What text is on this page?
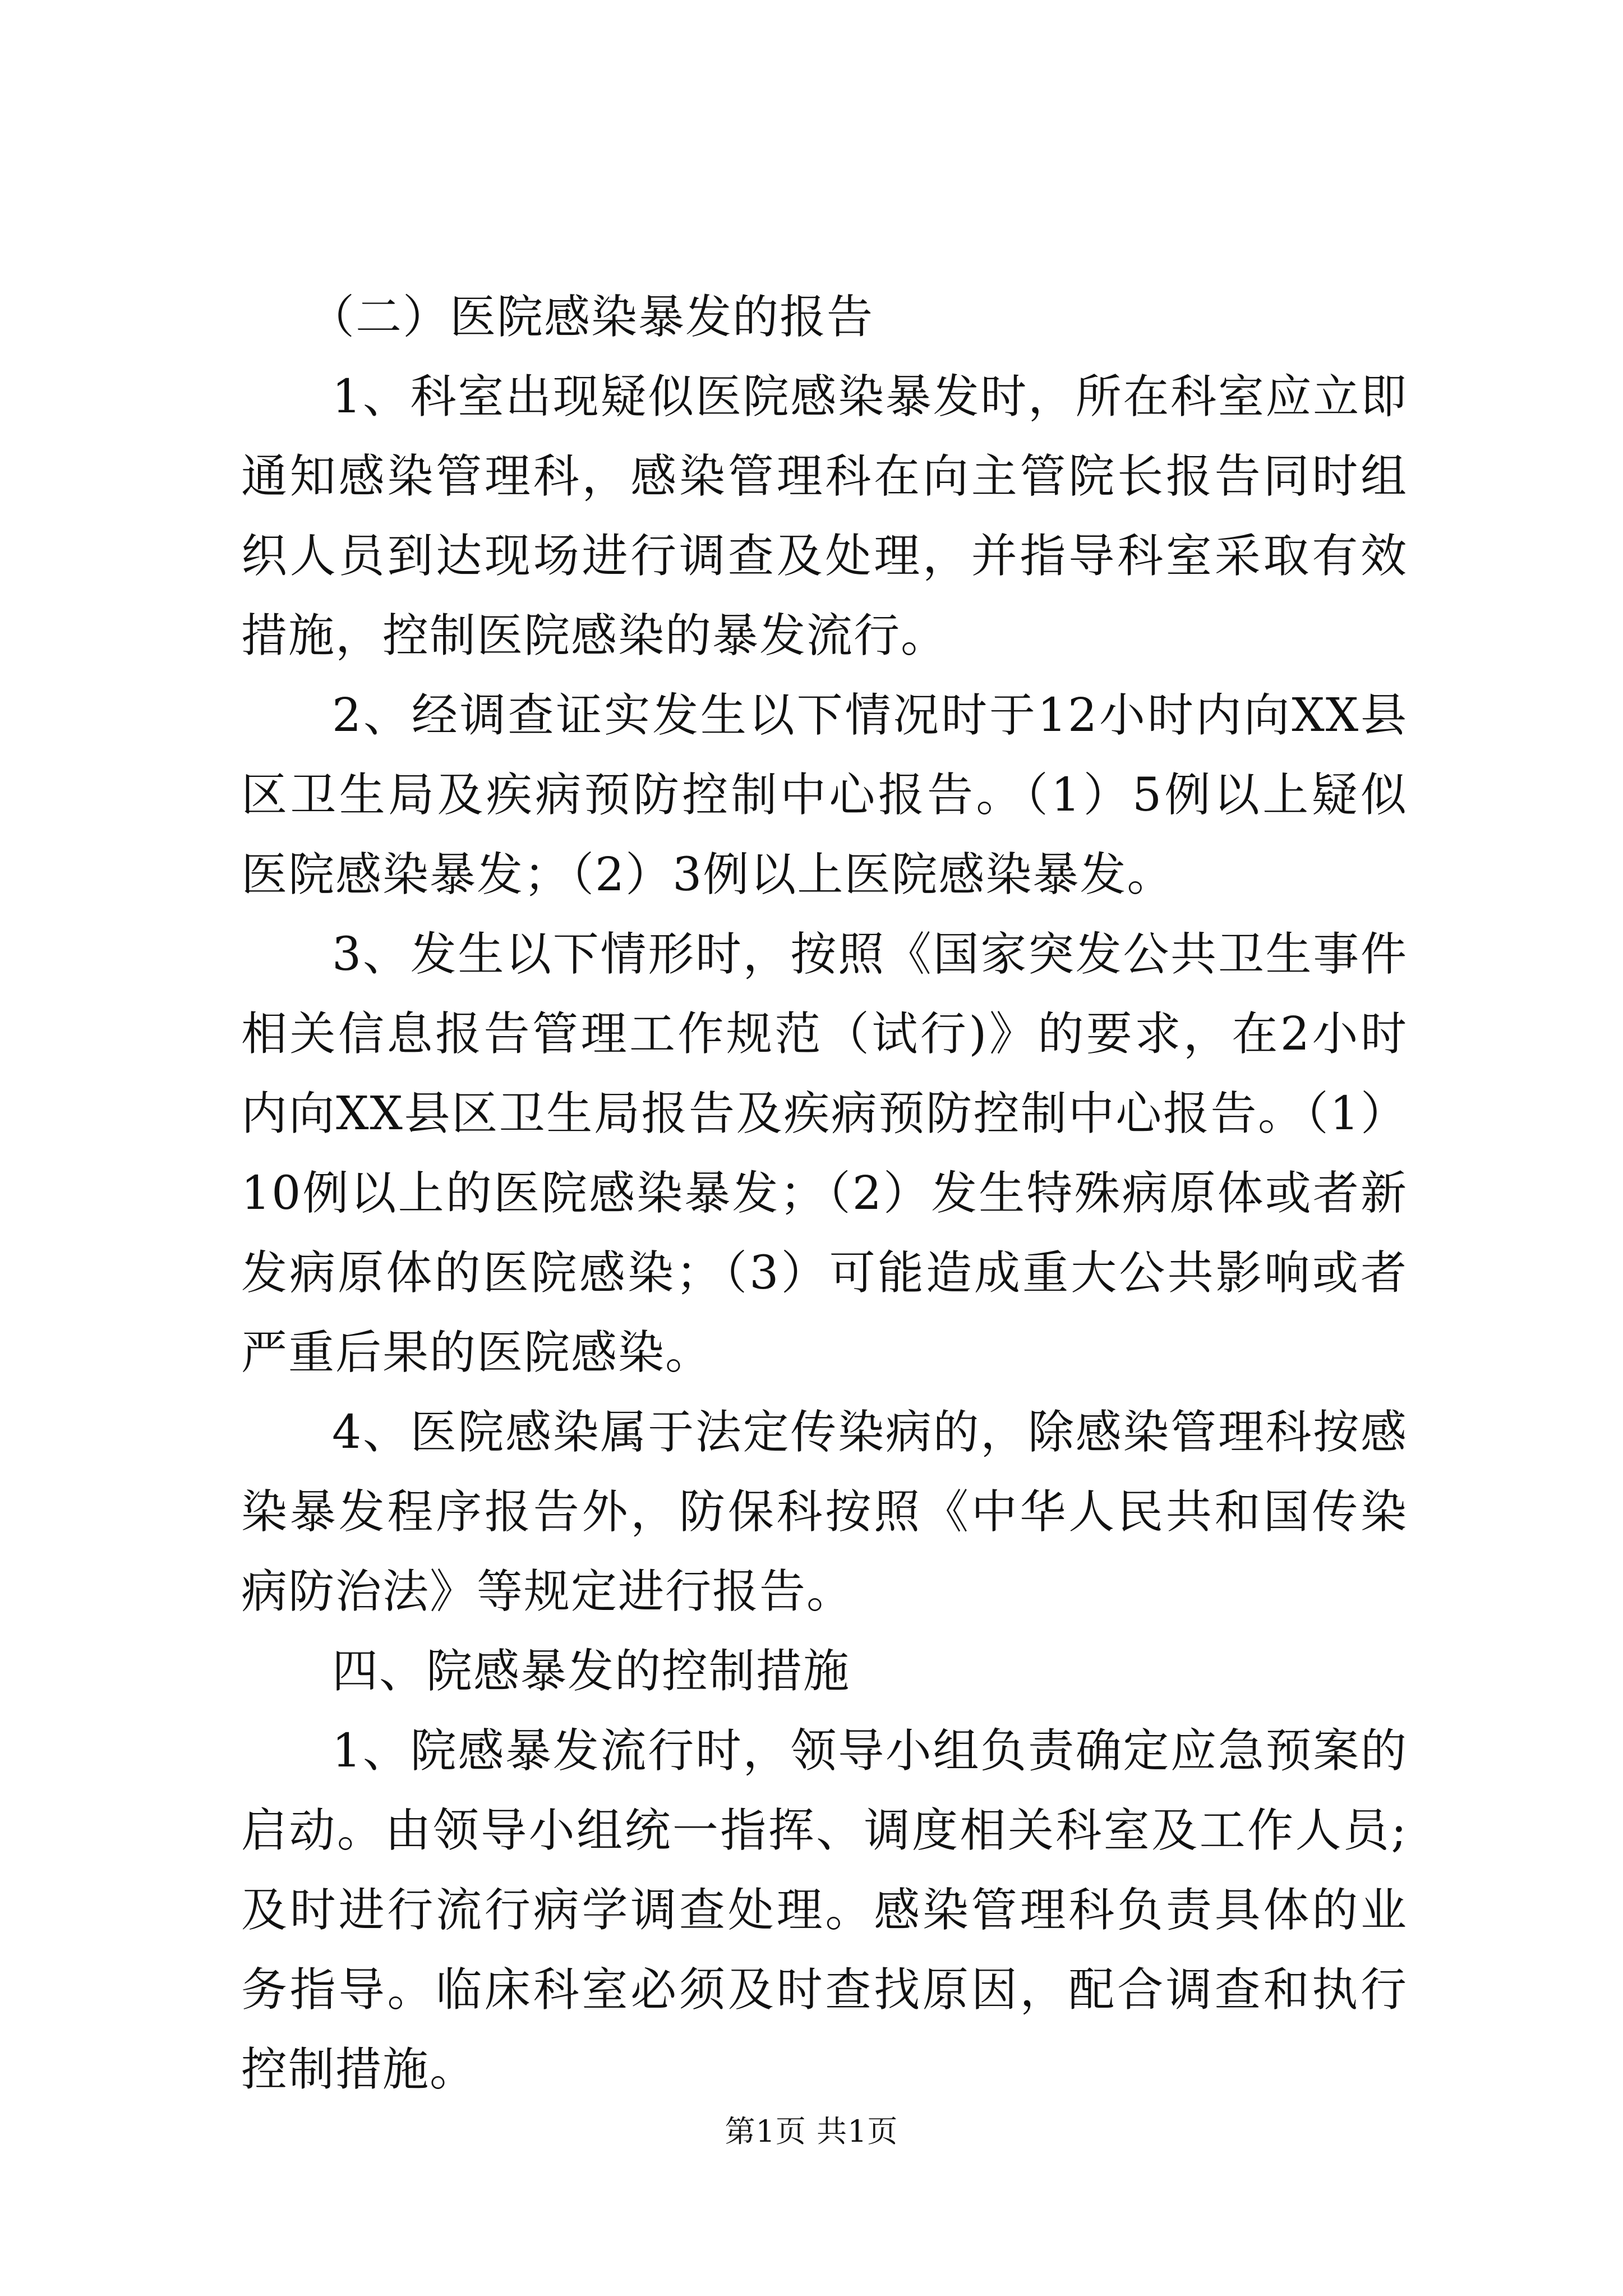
（二）医院感染暴发的报告

1、科室出现疑似医院感染暴发时，所在科室应立即通知感染管理科，感染管理科在向主管院长报告同时组织人员到达现场进行调查及处理，并指导科室采取有效措施，控制医院感染的暴发流行。

2、经调查证实发生以下情况时于12小时内向XX县区卫生局及疾病预防控制中心报告。（1）5例以上疑似医院感染暴发；（2）3例以上医院感染暴发。

3、发生以下情形时，按照《国家突发公共卫生事件相关信息报告管理工作规范（试行)》的要求，在2小时内向XX县区卫生局报告及疾病预防控制中心报告。（1）10例以上的医院感染暴发；（2）发生特殊病原体或者新发病原体的医院感染；（3）可能造成重大公共影响或者严重后果的医院感染。

4、医院感染属于法定传染病的，除感染管理科按感染暴发程序报告外，防保科按照《中华人民共和国传染病防治法》等规定进行报告。

四、院感暴发的控制措施

1、院感暴发流行时，领导小组负责确定应急预案的启动。由领导小组统一指挥、调度相关科室及工作人员;及时进行流行病学调查处理。感染管理科负责具体的业务指导。临床科室必须及时查找原因，配合调查和执行控制措施。

第1页 共1页
